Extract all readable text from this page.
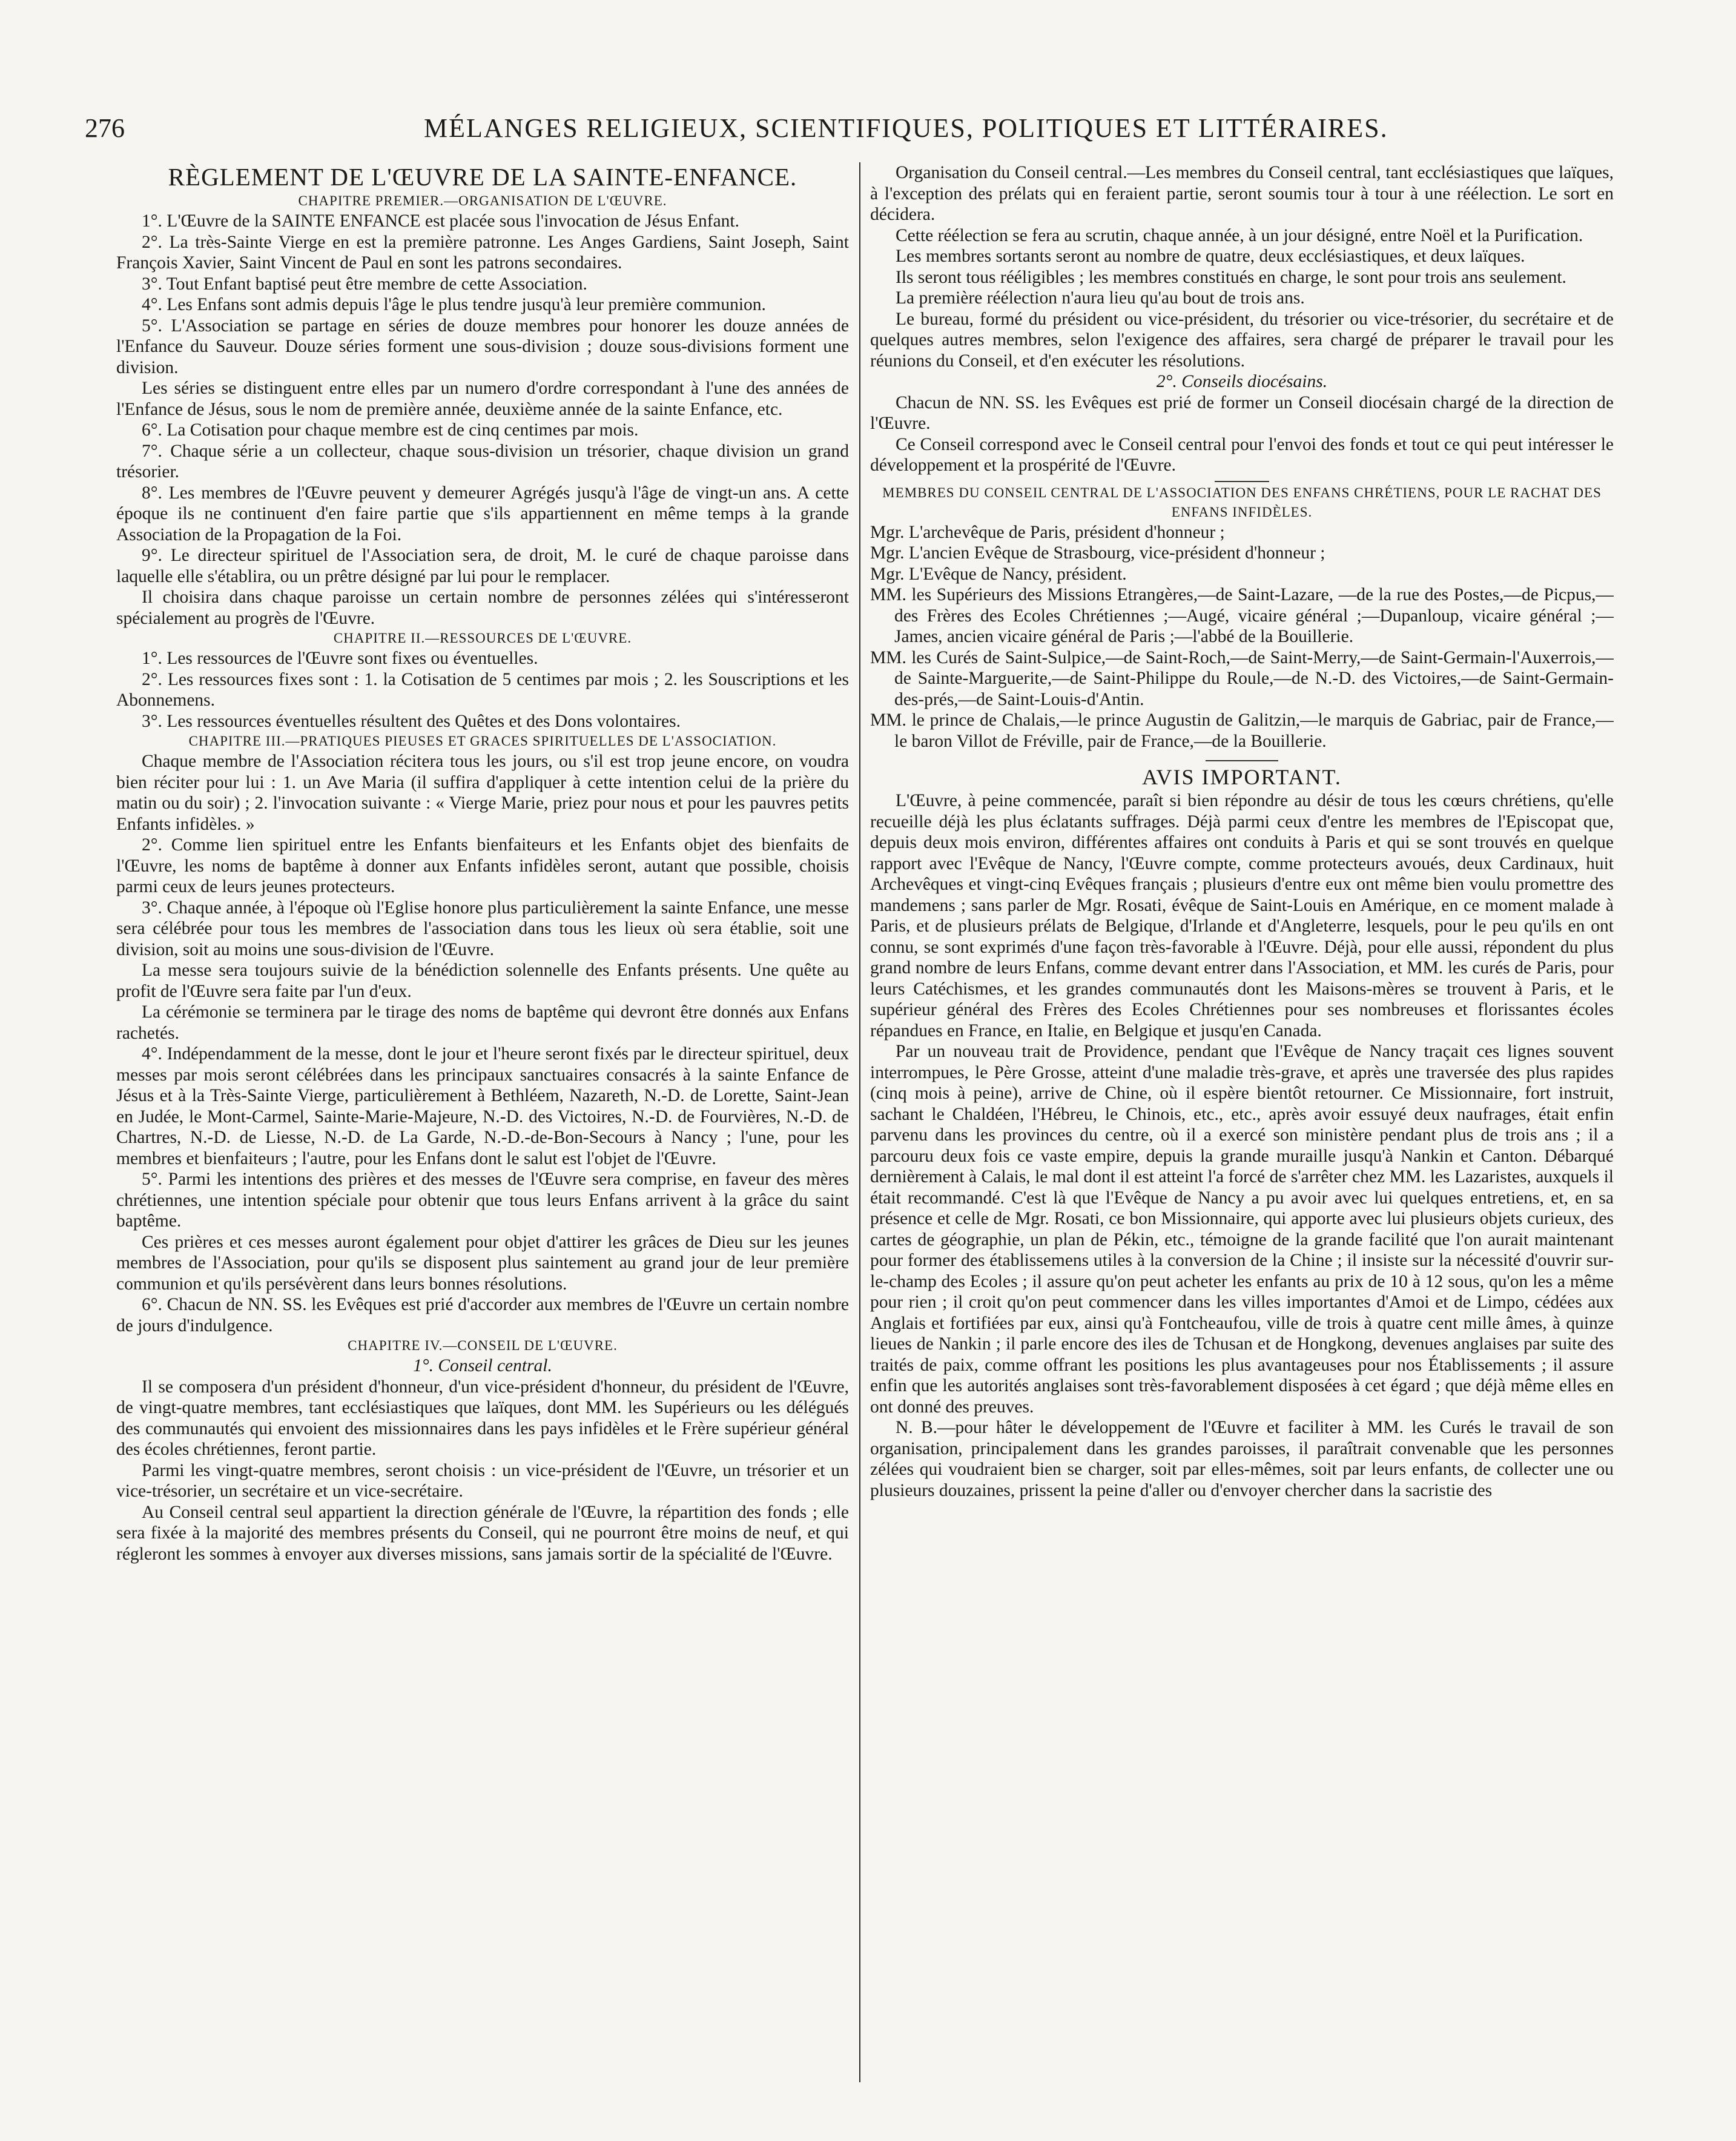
276	MÉLANGES RELIGIEUX, SCIENTIFIQUES, POLITIQUES ET LITTÉRAIRES.

RÈGLEMENT DE L'ŒUVRE DE LA SAINTE-ENFANCE.

CHAPITRE PREMIER.—ORGANISATION DE L'ŒUVRE.

1°. L'Œuvre de la SAINTE ENFANCE est placée sous l'invocation de Jésus Enfant.

2°. La très-Sainte Vierge en est la première patronne. Les Anges Gardiens, Saint Joseph, Saint François Xavier, Saint Vincent de Paul en sont les patrons secondaires.

3°. Tout Enfant baptisé peut être membre de cette Association.

4°. Les Enfans sont admis depuis l'âge le plus tendre jusqu'à leur première communion.

5°. L'Association se partage en séries de douze membres pour honorer les douze années de l'Enfance du Sauveur. Douze séries forment une sous-division ; douze sous-divisions forment une division.

Les séries se distinguent entre elles par un numero d'ordre correspondant à l'une des années de l'Enfance de Jésus, sous le nom de première année, deuxième année de la sainte Enfance, etc.

6°. La Cotisation pour chaque membre est de cinq centimes par mois.

7°. Chaque série a un collecteur, chaque sous-division un trésorier, chaque division un grand trésorier.

8°. Les membres de l'Œuvre peuvent y demeurer Agrégés jusqu'à l'âge de vingt-un ans. A cette époque ils ne continuent d'en faire partie que s'ils appartiennent en même temps à la grande Association de la Propagation de la Foi.

9°. Le directeur spirituel de l'Association sera, de droit, M. le curé de chaque paroisse dans laquelle elle s'établira, ou un prêtre désigné par lui pour le remplacer.

Il choisira dans chaque paroisse un certain nombre de personnes zélées qui s'intéresseront spécialement au progrès de l'Œuvre.

CHAPITRE II.—RESSOURCES DE L'ŒUVRE.

1°. Les ressources de l'Œuvre sont fixes ou éventuelles.

2°. Les ressources fixes sont : 1. la Cotisation de 5 centimes par mois ; 2. les Souscriptions et les Abonnemens.

3°. Les ressources éventuelles résultent des Quêtes et des Dons volontaires.

CHAPITRE III.—PRATIQUES PIEUSES ET GRACES SPIRITUELLES DE L'ASSOCIATION.

Chaque membre de l'Association récitera tous les jours, ou s'il est trop jeune encore, on voudra bien réciter pour lui : 1. un Ave Maria (il suffira d'appliquer à cette intention celui de la prière du matin ou du soir) ; 2. l'invocation suivante : « Vierge Marie, priez pour nous et pour les pauvres petits Enfants infidèles. »

2°. Comme lien spirituel entre les Enfants bienfaiteurs et les Enfants objet des bienfaits de l'Œuvre, les noms de baptême à donner aux Enfants infidèles seront, autant que possible, choisis parmi ceux de leurs jeunes protecteurs.

3°. Chaque année, à l'époque où l'Eglise honore plus particulièrement la sainte Enfance, une messe sera célébrée pour tous les membres de l'association dans tous les lieux où sera établie, soit une division, soit au moins une sous-division de l'Œuvre.

La messe sera toujours suivie de la bénédiction solennelle des Enfants présents. Une quête au profit de l'Œuvre sera faite par l'un d'eux.

La cérémonie se terminera par le tirage des noms de baptême qui devront être donnés aux Enfans rachetés.

4°. Indépendamment de la messe, dont le jour et l'heure seront fixés par le directeur spirituel, deux messes par mois seront célébrées dans les principaux sanctuaires consacrés à la sainte Enfance de Jésus et à la Très-Sainte Vierge, particulièrement à Bethléem, Nazareth, N.-D. de Lorette, Saint-Jean en Judée, le Mont-Carmel, Sainte-Marie-Majeure, N.-D. des Victoires, N.-D. de Fourvières, N.-D. de Chartres, N.-D. de Liesse, N.-D. de La Garde, N.-D.-de-Bon-Secours à Nancy ; l'une, pour les membres et bienfaiteurs ; l'autre, pour les Enfans dont le salut est l'objet de l'Œuvre.

5°. Parmi les intentions des prières et des messes de l'Œuvre sera comprise, en faveur des mères chrétiennes, une intention spéciale pour obtenir que tous leurs Enfans arrivent à la grâce du saint baptême.

Ces prières et ces messes auront également pour objet d'attirer les grâces de Dieu sur les jeunes membres de l'Association, pour qu'ils se disposent plus saintement au grand jour de leur première communion et qu'ils persévèrent dans leurs bonnes résolutions.

6°. Chacun de NN. SS. les Evêques est prié d'accorder aux membres de l'Œuvre un certain nombre de jours d'indulgence.

CHAPITRE IV.—CONSEIL DE L'ŒUVRE.

1°. Conseil central.

Il se composera d'un président d'honneur, d'un vice-président d'honneur, du président de l'Œuvre, de vingt-quatre membres, tant ecclésiastiques que laïques, dont MM. les Supérieurs ou les délégués des communautés qui envoient des missionnaires dans les pays infidèles et le Frère supérieur général des écoles chrétiennes, feront partie.

Parmi les vingt-quatre membres, seront choisis : un vice-président de l'Œuvre, un trésorier et un vice-trésorier, un secrétaire et un vice-secrétaire.

Au Conseil central seul appartient la direction générale de l'Œuvre, la répartition des fonds ; elle sera fixée à la majorité des membres présents du Conseil, qui ne pourront être moins de neuf, et qui régleront les sommes à envoyer aux diverses missions, sans jamais sortir de la spécialité de l'Œuvre.

Organisation du Conseil central.—Les membres du Conseil central, tant ecclésiastiques que laïques, à l'exception des prélats qui en feraient partie, seront soumis tour à tour à une réélection. Le sort en décidera.

Cette réélection se fera au scrutin, chaque année, à un jour désigné, entre Noël et la Purification.

Les membres sortants seront au nombre de quatre, deux ecclésiastiques, et deux laïques.

Ils seront tous rééligibles ; les membres constitués en charge, le sont pour trois ans seulement.

La première réélection n'aura lieu qu'au bout de trois ans.

Le bureau, formé du président ou vice-président, du trésorier ou vice-trésorier, du secrétaire et de quelques autres membres, selon l'exigence des affaires, sera chargé de préparer le travail pour les réunions du Conseil, et d'en exécuter les résolutions.

2°. Conseils diocésains.

Chacun de NN. SS. les Evêques est prié de former un Conseil diocésain chargé de la direction de l'Œuvre.

Ce Conseil correspond avec le Conseil central pour l'envoi des fonds et tout ce qui peut intéresser le développement et la prospérité de l'Œuvre.

MEMBRES DU CONSEIL CENTRAL DE L'ASSOCIATION DES ENFANS CHRÉTIENS, POUR LE RACHAT DES ENFANS INFIDÈLES.

Mgr. L'archevêque de Paris, président d'honneur ;

Mgr. L'ancien Evêque de Strasbourg, vice-président d'honneur ;

Mgr. L'Evêque de Nancy, président.

MM. les Supérieurs des Missions Etrangères,—de Saint-Lazare, —de la rue des Postes,—de Picpus,—des Frères des Ecoles Chrétiennes ;—Augé, vicaire général ;—Dupanloup, vicaire général ;—James, ancien vicaire général de Paris ;—l'abbé de la Bouillerie.

MM. les Curés de Saint-Sulpice,—de Saint-Roch,—de Saint-Merry,—de Saint-Germain-l'Auxerrois,—de Sainte-Marguerite,—de Saint-Philippe du Roule,—de N.-D. des Victoires,—de Saint-Germain-des-prés,—de Saint-Louis-d'Antin.

MM. le prince de Chalais,—le prince Augustin de Galitzin,—le marquis de Gabriac, pair de France,—le baron Villot de Fréville, pair de France,—de la Bouillerie.

AVIS IMPORTANT.

L'Œuvre, à peine commencée, paraît si bien répondre au désir de tous les cœurs chrétiens, qu'elle recueille déjà les plus éclatants suffrages. Déjà parmi ceux d'entre les membres de l'Episcopat que, depuis deux mois environ, différentes affaires ont conduits à Paris et qui se sont trouvés en quelque rapport avec l'Evêque de Nancy, l'Œuvre compte, comme protecteurs avoués, deux Cardinaux, huit Archevêques et vingt-cinq Evêques français ; plusieurs d'entre eux ont même bien voulu promettre des mandemens ; sans parler de Mgr. Rosati, évêque de Saint-Louis en Amérique, en ce moment malade à Paris, et de plusieurs prélats de Belgique, d'Irlande et d'Angleterre, lesquels, pour le peu qu'ils en ont connu, se sont exprimés d'une façon très-favorable à l'Œuvre. Déjà, pour elle aussi, répondent du plus grand nombre de leurs Enfans, comme devant entrer dans l'Association, et MM. les curés de Paris, pour leurs Catéchismes, et les grandes communautés dont les Maisons-mères se trouvent à Paris, et le supérieur général des Frères des Ecoles Chrétiennes pour ses nombreuses et florissantes écoles répandues en France, en Italie, en Belgique et jusqu'en Canada.

Par un nouveau trait de Providence, pendant que l'Evêque de Nancy traçait ces lignes souvent interrompues, le Père Grosse, atteint d'une maladie très-grave, et après une traversée des plus rapides (cinq mois à peine), arrive de Chine, où il espère bientôt retourner. Ce Missionnaire, fort instruit, sachant le Chaldéen, l'Hébreu, le Chinois, etc., etc., après avoir essuyé deux naufrages, était enfin parvenu dans les provinces du centre, où il a exercé son ministère pendant plus de trois ans ; il a parcouru deux fois ce vaste empire, depuis la grande muraille jusqu'à Nankin et Canton. Débarqué dernièrement à Calais, le mal dont il est atteint l'a forcé de s'arrêter chez MM. les Lazaristes, auxquels il était recommandé. C'est là que l'Evêque de Nancy a pu avoir avec lui quelques entretiens, et, en sa présence et celle de Mgr. Rosati, ce bon Missionnaire, qui apporte avec lui plusieurs objets curieux, des cartes de géographie, un plan de Pékin, etc., témoigne de la grande facilité que l'on aurait maintenant pour former des établissemens utiles à la conversion de la Chine ; il insiste sur la nécessité d'ouvrir sur-le-champ des Ecoles ; il assure qu'on peut acheter les enfants au prix de 10 à 12 sous, qu'on les a même pour rien ; il croit qu'on peut commencer dans les villes importantes d'Amoi et de Limpo, cédées aux Anglais et fortifiées par eux, ainsi qu'à Fontcheaufou, ville de trois à quatre cent mille âmes, à quinze lieues de Nankin ; il parle encore des iles de Tchusan et de Hongkong, devenues anglaises par suite des traités de paix, comme offrant les positions les plus avantageuses pour nos Établissements ; il assure enfin que les autorités anglaises sont très-favorablement disposées à cet égard ; que déjà même elles en ont donné des preuves.

N. B.—pour hâter le développement de l'Œuvre et faciliter à MM. les Curés le travail de son organisation, principalement dans les grandes paroisses, il paraîtrait convenable que les personnes zélées qui voudraient bien se charger, soit par elles-mêmes, soit par leurs enfants, de collecter une ou plusieurs douzaines, prissent la peine d'aller ou d'envoyer chercher dans la sacristie des
